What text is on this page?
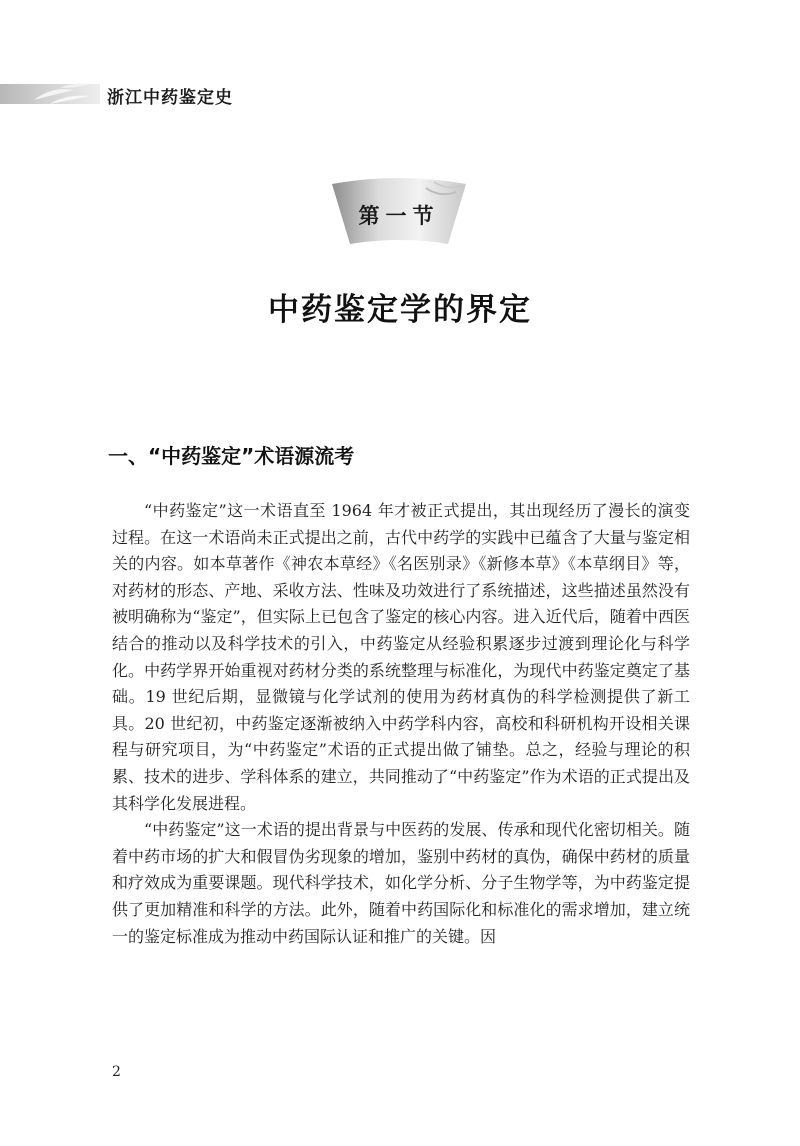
浙江中药鉴定史
第一节
中药鉴定学的界定
一、“中药鉴定”术语源流考

“中药鉴定”这一术语直至 1964 年才被正式提出，其出现经历了漫长的演变过程。在这一术语尚未正式提出之前，古代中药学的实践中已蕴含了大量与鉴定相关的内容。如本草著作《神农本草经》《名医别录》《新修本草》《本草纲目》等，对药材的形态、产地、采收方法、性味及功效进行了系统描述，这些描述虽然没有被明确称为“鉴定”，但实际上已包含了鉴定的核心内容。进入近代后，随着中西医结合的推动以及科学技术的引入，中药鉴定从经验积累逐步过渡到理论化与科学化。中药学界开始重视对药材分类的系统整理与标准化，为现代中药鉴定奠定了基础。19 世纪后期，显微镜与化学试剂的使用为药材真伪的科学检测提供了新工具。20 世纪初，中药鉴定逐渐被纳入中药学科内容，高校和科研机构开设相关课程与研究项目，为“中药鉴定”术语的正式提出做了铺垫。总之，经验与理论的积累、技术的进步、学科体系的建立，共同推动了“中药鉴定”作为术语的正式提出及其科学化发展进程。

“中药鉴定”这一术语的提出背景与中医药的发展、传承和现代化密切相关。随着中药市场的扩大和假冒伪劣现象的增加，鉴别中药材的真伪，确保中药材的质量和疗效成为重要课题。现代科学技术，如化学分析、分子生物学等，为中药鉴定提供了更加精准和科学的方法。此外，随着中药国际化和标准化的需求增加，建立统一的鉴定标准成为推动中药国际认证和推广的关键。因

2
